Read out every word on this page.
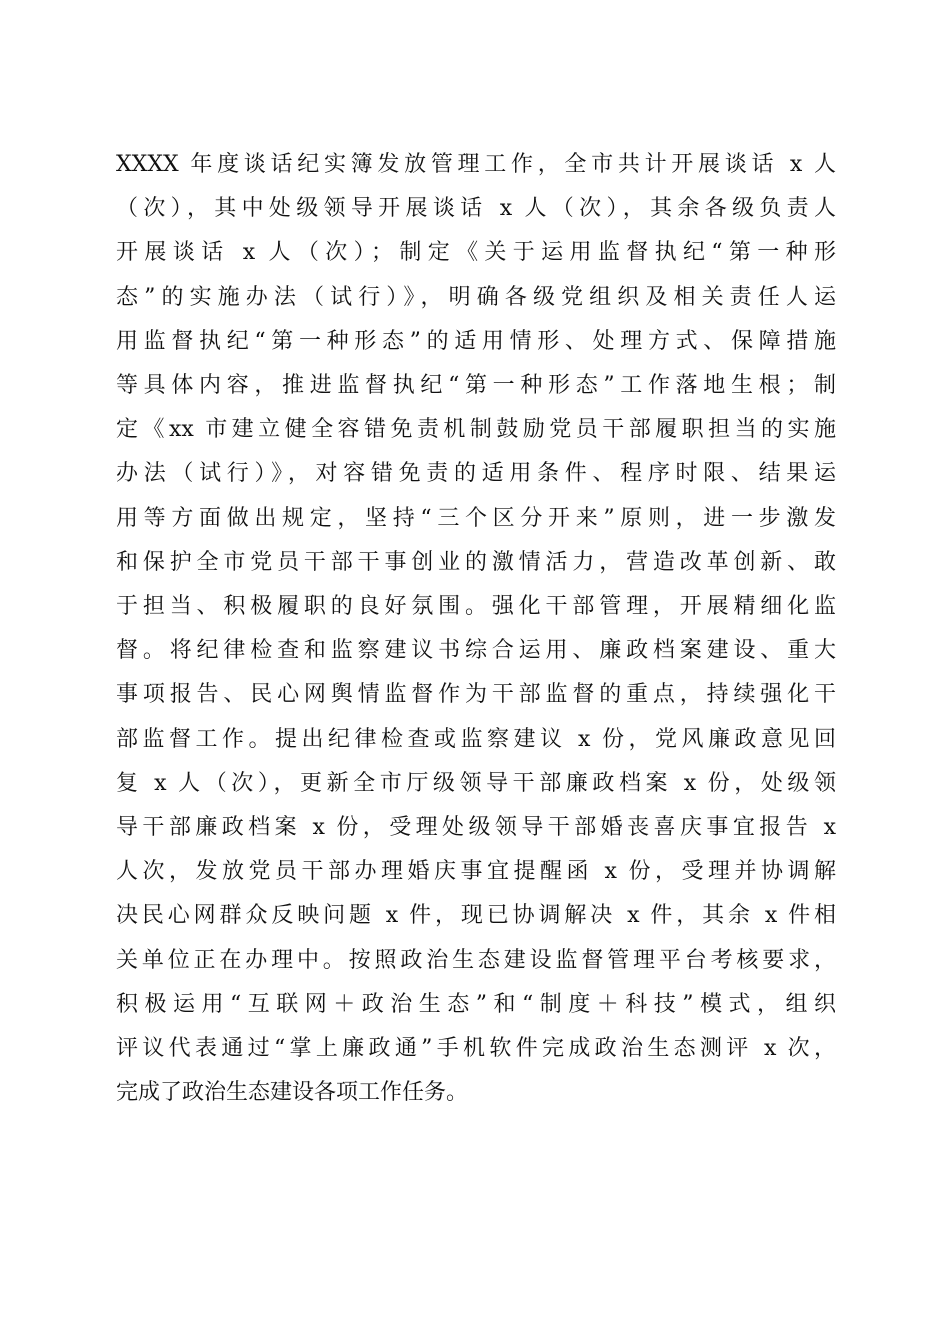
XXXX 年度谈话纪实簿发放管理工作，全市共计开展谈话 x 人
（次），其中处级领导开展谈话 x 人（次），其余各级负责人
开展谈话 x 人（次）；制定《关于运用监督执纪“第一种形
态”的实施办法（试行）》，明确各级党组织及相关责任人运
用监督执纪“第一种形态”的适用情形、处理方式、保障措施
等具体内容，推进监督执纪“第一种形态”工作落地生根；制
定《xx 市建立健全容错免责机制鼓励党员干部履职担当的实施
办法（试行）》，对容错免责的适用条件、程序时限、结果运
用等方面做出规定，坚持“三个区分开来”原则，进一步激发
和保护全市党员干部干事创业的激情活力，营造改革创新、敢
于担当、积极履职的良好氛围。强化干部管理，开展精细化监
督。将纪律检查和监察建议书综合运用、廉政档案建设、重大
事项报告、民心网舆情监督作为干部监督的重点，持续强化干
部监督工作。提出纪律检查或监察建议 x 份，党风廉政意见回
复 x 人（次），更新全市厅级领导干部廉政档案 x 份，处级领
导干部廉政档案 x 份，受理处级领导干部婚丧喜庆事宜报告 x
人次，发放党员干部办理婚庆事宜提醒函 x 份，受理并协调解
决民心网群众反映问题 x 件，现已协调解决 x 件，其余 x 件相
关单位正在办理中。按照政治生态建设监督管理平台考核要求，
积极运用“互联网＋政治生态”和“制度＋科技”模式，组织
评议代表通过“掌上廉政通”手机软件完成政治生态测评 x 次，
完成了政治生态建设各项工作任务。
